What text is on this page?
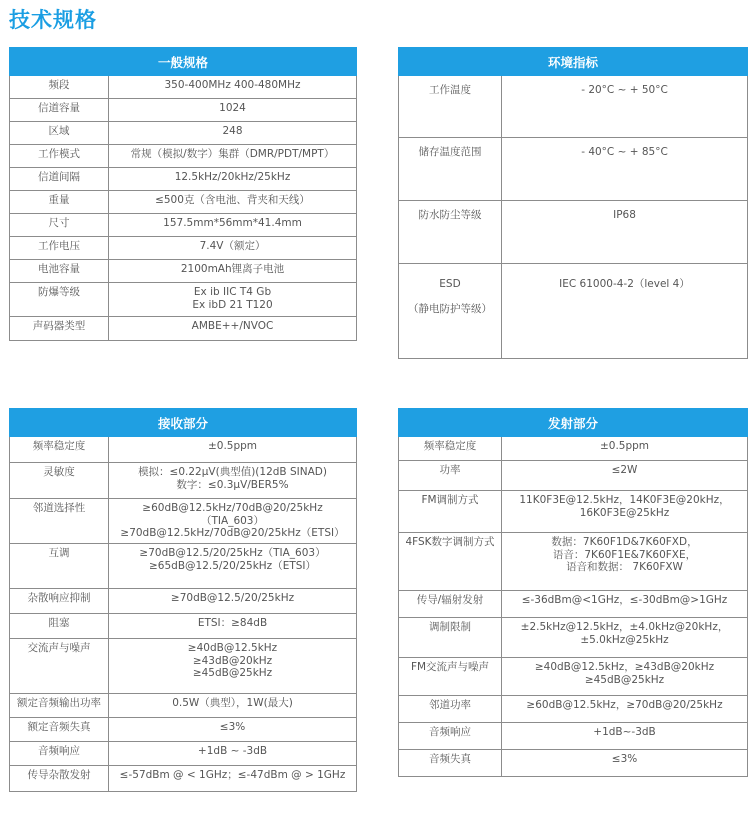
技术规格
一般规格	
频段	350-400MHz 400-480MHz
信道容量	1024
区域	248
工作模式	常规（模拟/数字）集群（DMR/PDT/MPT）
信道间隔	12.5kHz/20kHz/25kHz
重量	≤500克（含电池、背夹和天线）
尺寸	157.5mm*56mm*41.4mm
工作电压	7.4V（额定）
电池容量	2100mAh锂离子电池
防爆等级	Ex ib IIC T4 Gb
Ex ibD 21 T120
声码器类型	AMBE++/NVOC
环境指标	
工作温度	- 20°C ~ + 50°C
储存温度范围	- 40°C ~ + 85°C
防水防尘等级	IP68
ESD

（静电防护等级）	IEC 61000-4-2（level 4）
接收部分	
频率稳定度	±0.5ppm
灵敏度	模拟：≤0.22μV(典型值)(12dB SINAD)
数字：≤0.3μV/BER5%
邻道选择性	≥60dB@12.5kHz/70dB@20/25kHz（TIA_603）
≥70dB@12.5kHz/70dB@20/25kHz（ETSI）
互调	≥70dB@12.5/20/25kHz（TIA_603）
≥65dB@12.5/20/25kHz（ETSI）
杂散响应抑制	≥70dB@12.5/20/25kHz
阻塞	ETSI：≥84dB
交流声与噪声	≥40dB@12.5kHz
≥43dB@20kHz
≥45dB@25kHz
额定音频输出功率	0.5W（典型），1W(最大)
额定音频失真	≤3%
音频响应	+1dB ~ -3dB
传导杂散发射	≤-57dBm @ < 1GHz；≤-47dBm @ > 1GHz
发射部分	
频率稳定度	±0.5ppm
功率	≤2W
FM调制方式	11K0F3E@12.5kHz，14K0F3E@20kHz，
16K0F3E@25kHz
4FSK数字调制方式	数据：7K60F1D&7K60FXD，
语音：7K60F1E&7K60FXE，
语音和数据： 7K60FXW
传导/辐射发射	≤-36dBm@<1GHz，≤-30dBm@>1GHz
调制限制	±2.5kHz@12.5kHz，±4.0kHz@20kHz，
±5.0kHz@25kHz
FM交流声与噪声	≥40dB@12.5kHz，≥43dB@20kHz
≥45dB@25kHz
邻道功率	≥60dB@12.5kHz，≥70dB@20/25kHz
音频响应	+1dB~-3dB
音频失真	≤3%
